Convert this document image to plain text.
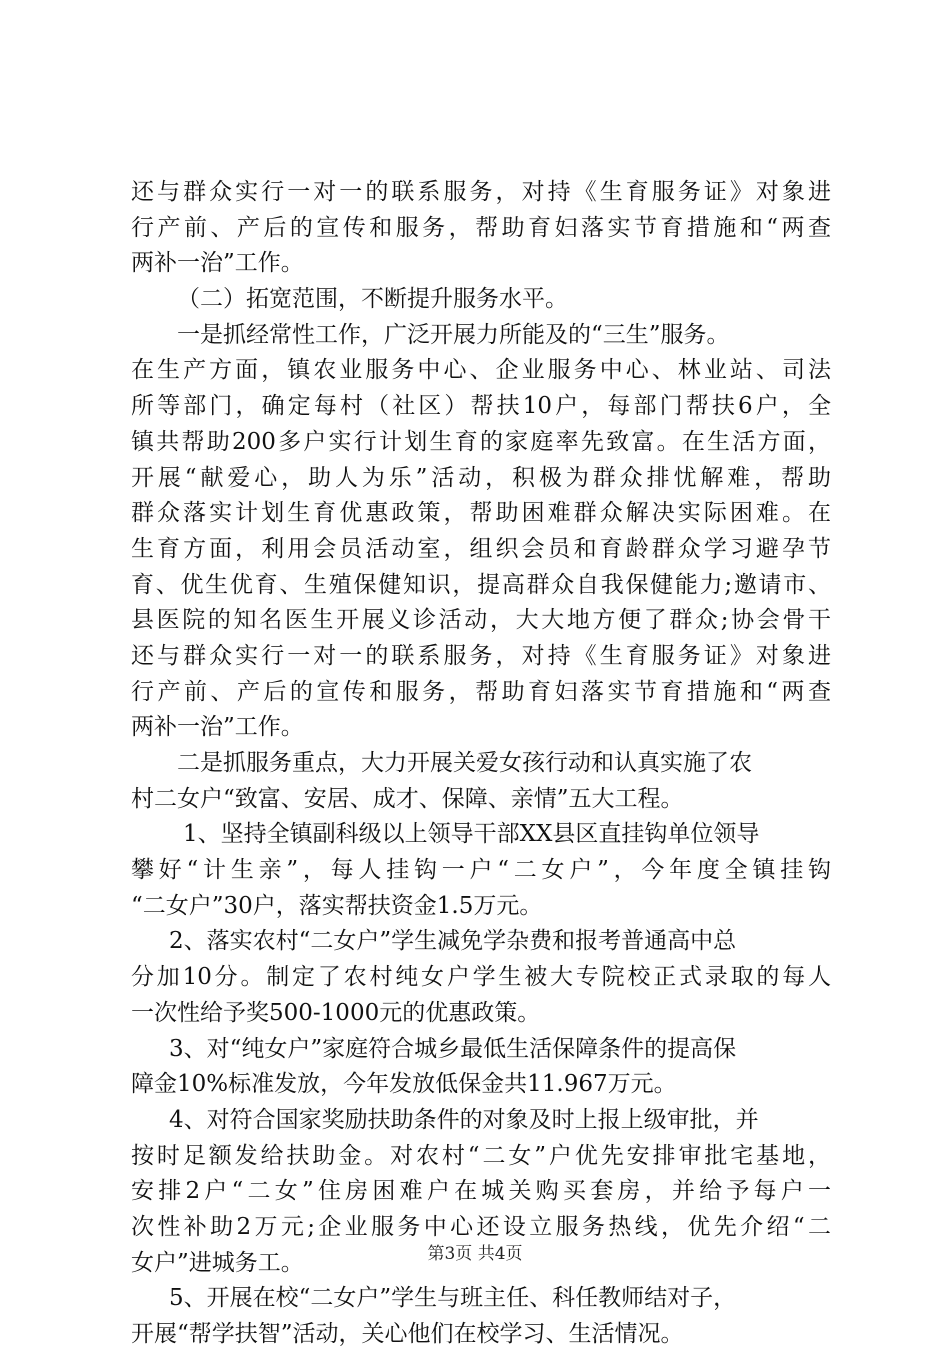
还与群众实行一对一的联系服务，对持《生育服务证》对象进
行产前、产后的宣传和服务，帮助育妇落实节育措施和“两查
两补一治”工作。
（二）拓宽范围，不断提升服务水平。
一是抓经常性工作，广泛开展力所能及的“三生”服务。
在生产方面，镇农业服务中心、企业服务中心、林业站、司法
所等部门，确定每村（社区）帮扶10户，每部门帮扶6户，全
镇共帮助200多户实行计划生育的家庭率先致富。在生活方面，
开展“献爱心，助人为乐”活动，积极为群众排忧解难，帮助
群众落实计划生育优惠政策，帮助困难群众解决实际困难。在
生育方面，利用会员活动室，组织会员和育龄群众学习避孕节
育、优生优育、生殖保健知识，提高群众自我保健能力;邀请市、
县医院的知名医生开展义诊活动，大大地方便了群众;协会骨干
还与群众实行一对一的联系服务，对持《生育服务证》对象进
行产前、产后的宣传和服务，帮助育妇落实节育措施和“两查
两补一治”工作。
二是抓服务重点，大力开展关爱女孩行动和认真实施了农
村二女户“致富、安居、成才、保障、亲情”五大工程。
1、坚持全镇副科级以上领导干部XX县区直挂钩单位领导
攀好“计生亲”，每人挂钩一户“二女户”，今年度全镇挂钩
“二女户”30户，落实帮扶资金1.5万元。
2、落实农村“二女户”学生减免学杂费和报考普通高中总
分加10分。制定了农村纯女户学生被大专院校正式录取的每人
一次性给予奖500-1000元的优惠政策。
3、对“纯女户”家庭符合城乡最低生活保障条件的提高保
障金10%标准发放，今年发放低保金共11.967万元。
4、对符合国家奖励扶助条件的对象及时上报上级审批，并
按时足额发给扶助金。对农村“二女”户优先安排审批宅基地，
安排2户“二女”住房困难户在城关购买套房，并给予每户一
次性补助2万元;企业服务中心还设立服务热线，优先介绍“二
女户”进城务工。
5、开展在校“二女户”学生与班主任、科任教师结对子，
开展“帮学扶智”活动，关心他们在校学习、生活情况。
第3页 共4页
